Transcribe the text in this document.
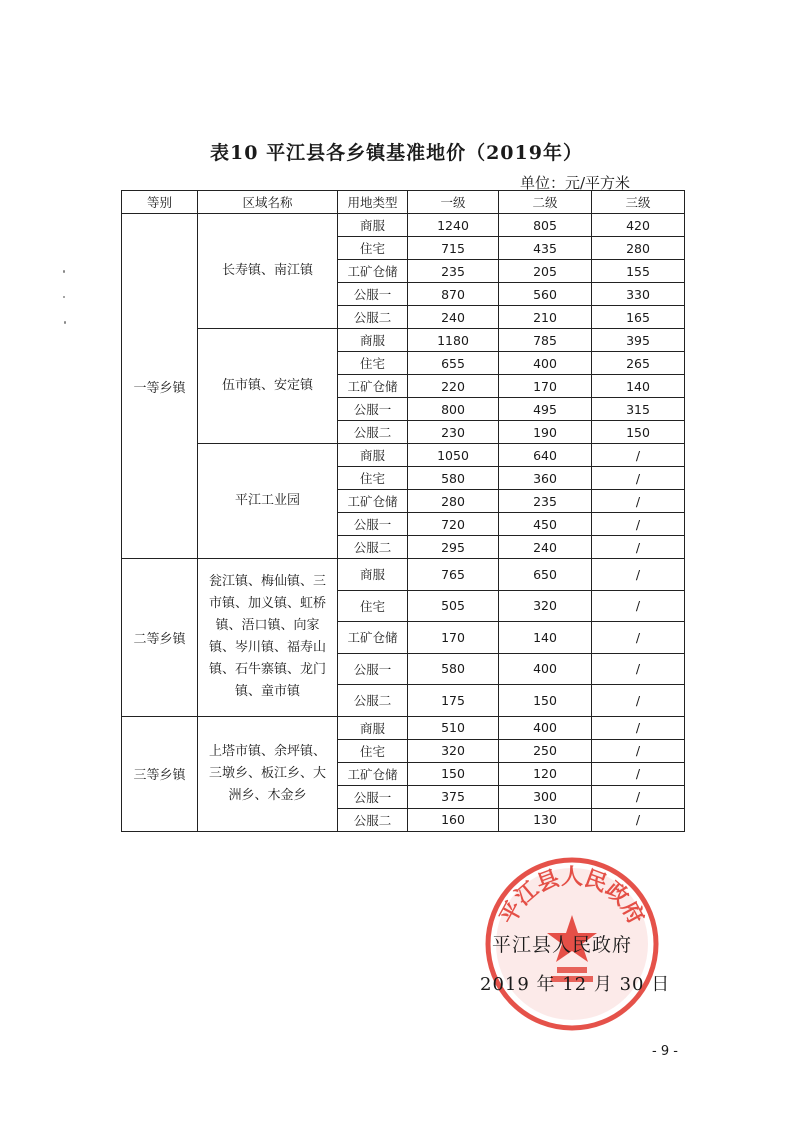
表10 平江县各乡镇基准地价（2019年）
单位：元/平方米
等别	区域名称	用地类型	一级	二级	三级
一等乡镇	长寿镇、南江镇	商服	1240	805	420
		住宅	715	435	280
		工矿仓储	235	205	155
		公服一	870	560	330
		公服二	240	210	165
	伍市镇、安定镇	商服	1180	785	395
		住宅	655	400	265
		工矿仓储	220	170	140
		公服一	800	495	315
		公服二	230	190	150
	平江工业园	商服	1050	640	/
		住宅	580	360	/
		工矿仓储	280	235	/
		公服一	720	450	/
		公服二	295	240	/
二等乡镇	瓮江镇、梅仙镇、三市镇、加义镇、虹桥镇、浯口镇、向家镇、岑川镇、福寿山镇、石牛寨镇、龙门镇、童市镇	商服	765	650	/
		住宅	505	320	/
		工矿仓储	170	140	/
		公服一	580	400	/
		公服二	175	150	/
三等乡镇	上塔市镇、余坪镇、三墩乡、板江乡、大洲乡、木金乡	商服	510	400	/
		住宅	320	250	/
		工矿仓储	150	120	/
		公服一	375	300	/
		公服二	160	130	/
平江县人民政府
平江县人民政府
2019 年 12 月 30 日
- 9 -
